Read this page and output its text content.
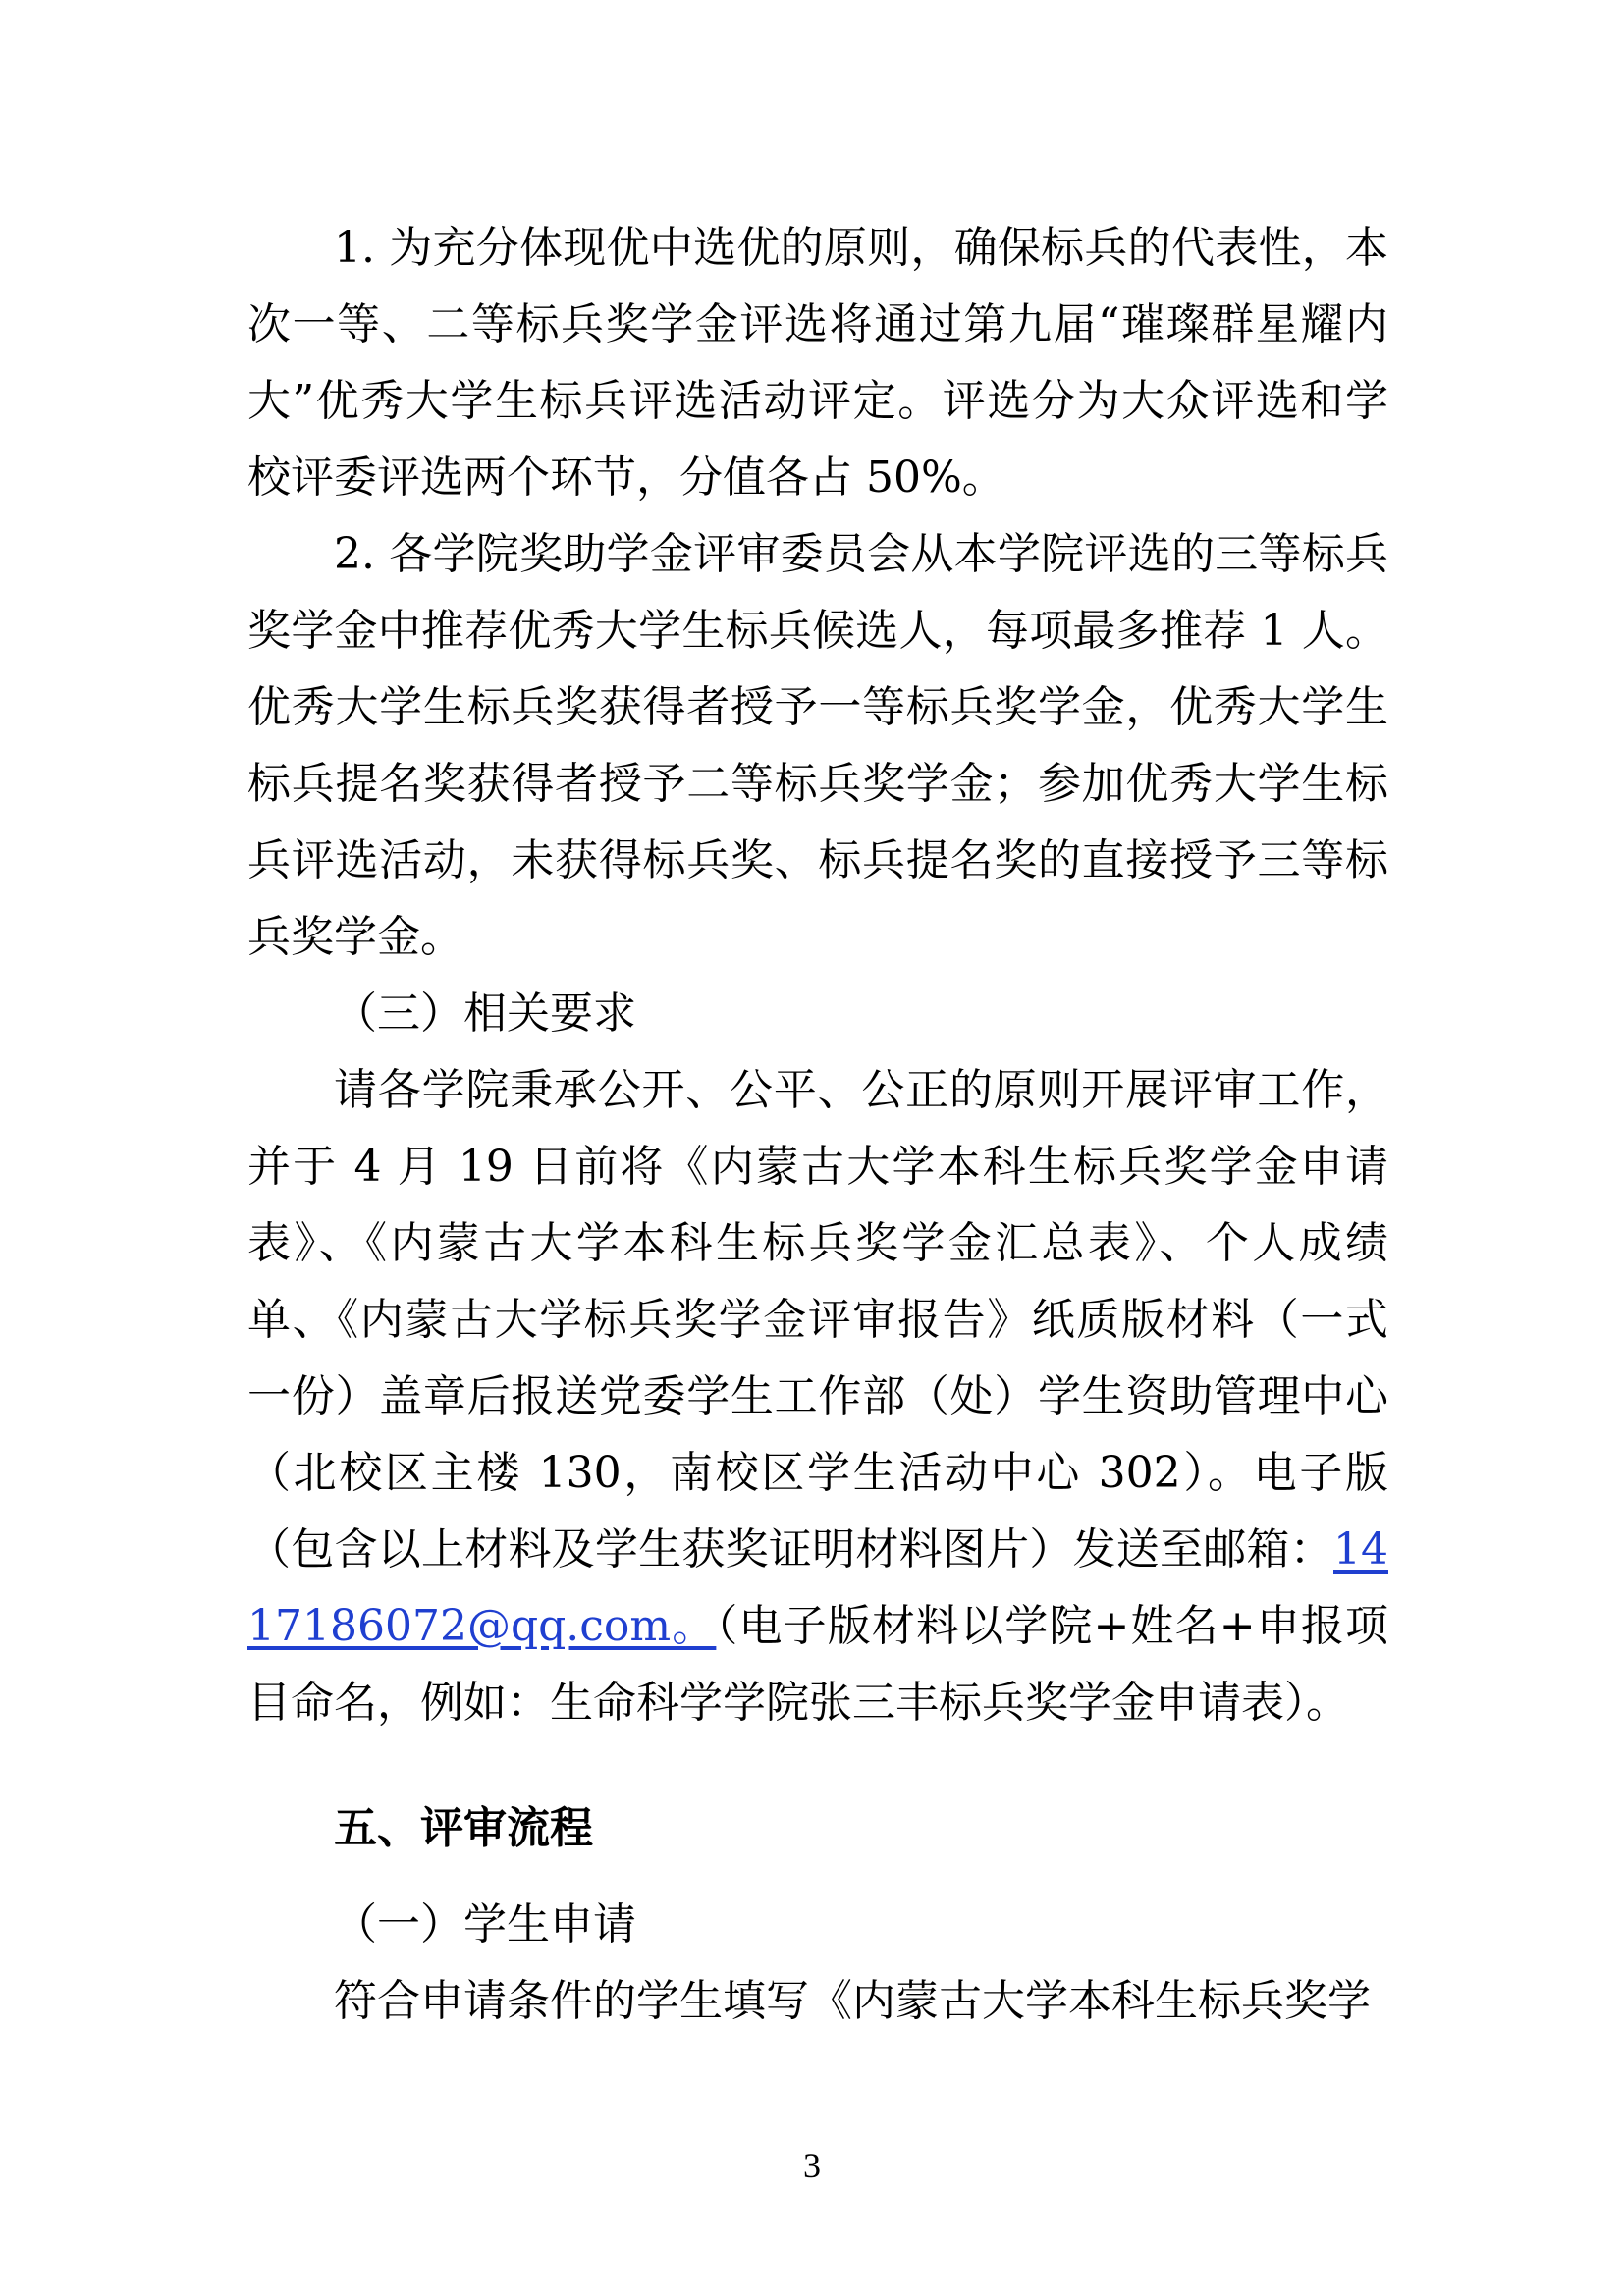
1. 为充分体现优中选优的原则，确保标兵的代表性，本次一等、二等标兵奖学金评选将通过第九届“璀璨群星耀内大”优秀大学生标兵评选活动评定。评选分为大众评选和学校评委评选两个环节，分值各占 50%。

2. 各学院奖助学金评审委员会从本学院评选的三等标兵奖学金中推荐优秀大学生标兵候选人，每项最多推荐 1 人。优秀大学生标兵奖获得者授予一等标兵奖学金，优秀大学生标兵提名奖获得者授予二等标兵奖学金；参加优秀大学生标兵评选活动，未获得标兵奖、标兵提名奖的直接授予三等标兵奖学金。

（三）相关要求

请各学院秉承公开、公平、公正的原则开展评审工作，并于 4 月 19 日前将《内蒙古大学本科生标兵奖学金申请表》、《内蒙古大学本科生标兵奖学金汇总表》、个人成绩单、《内蒙古大学标兵奖学金评审报告》纸质版材料（一式一份）盖章后报送党委学生工作部（处）学生资助管理中心（北校区主楼 130，南校区学生活动中心 302）。电子版（包含以上材料及学生获奖证明材料图片）发送至邮箱：1417186072@qq.com。（电子版材料以学院+姓名+申报项目命名，例如：生命科学学院张三丰标兵奖学金申请表）。

五、评审流程

（一）学生申请

符合申请条件的学生填写《内蒙古大学本科生标兵奖学

3
